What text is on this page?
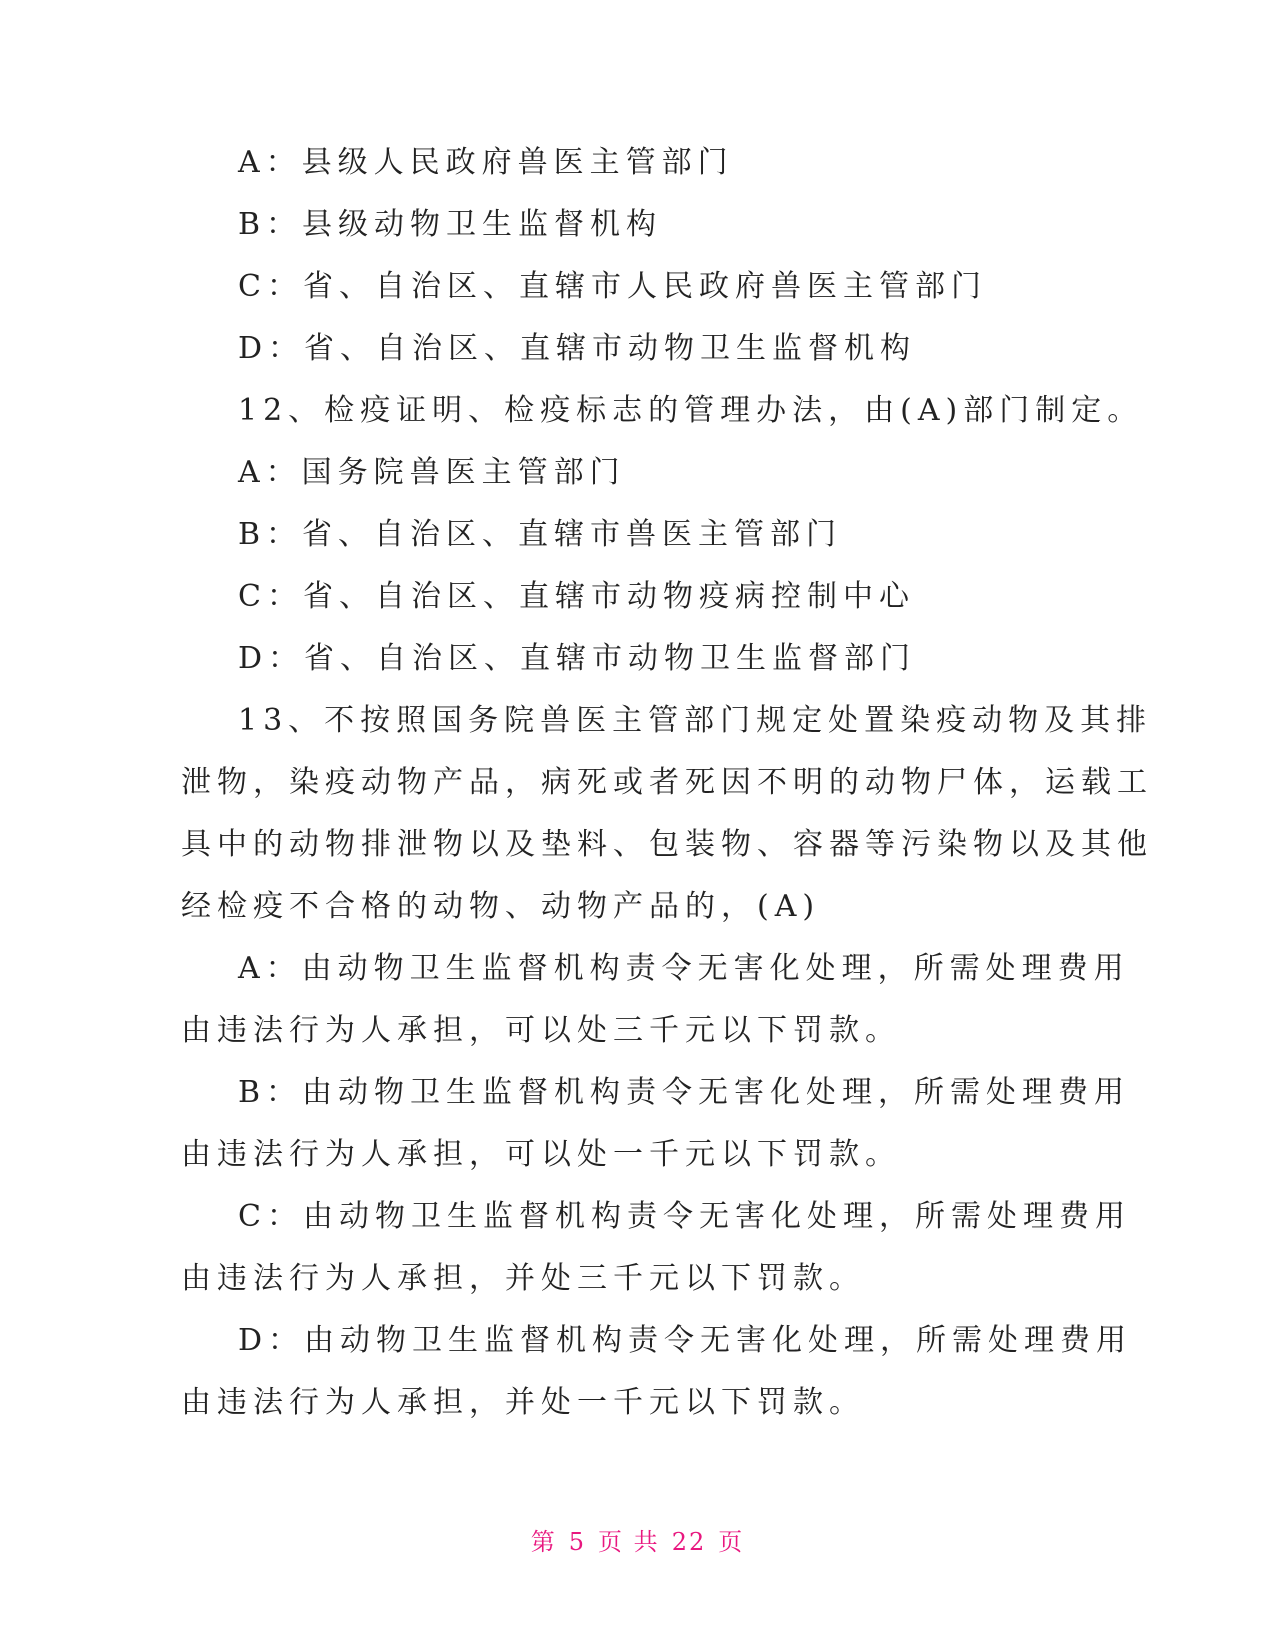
A：县级人民政府兽医主管部门
B：县级动物卫生监督机构
C：省、自治区、直辖市人民政府兽医主管部门
D：省、自治区、直辖市动物卫生监督机构
12、检疫证明、检疫标志的管理办法，由(A)部门制定。
A：国务院兽医主管部门
B：省、自治区、直辖市兽医主管部门
C：省、自治区、直辖市动物疫病控制中心
D：省、自治区、直辖市动物卫生监督部门
13、不按照国务院兽医主管部门规定处置染疫动物及其排
泄物，染疫动物产品，病死或者死因不明的动物尸体，运载工
具中的动物排泄物以及垫料、包装物、容器等污染物以及其他
经检疫不合格的动物、动物产品的，(A)
A：由动物卫生监督机构责令无害化处理，所需处理费用
由违法行为人承担，可以处三千元以下罚款。
B：由动物卫生监督机构责令无害化处理，所需处理费用
由违法行为人承担，可以处一千元以下罚款。
C：由动物卫生监督机构责令无害化处理，所需处理费用
由违法行为人承担，并处三千元以下罚款。
D：由动物卫生监督机构责令无害化处理，所需处理费用
由违法行为人承担，并处一千元以下罚款。
第 5 页 共 22 页
